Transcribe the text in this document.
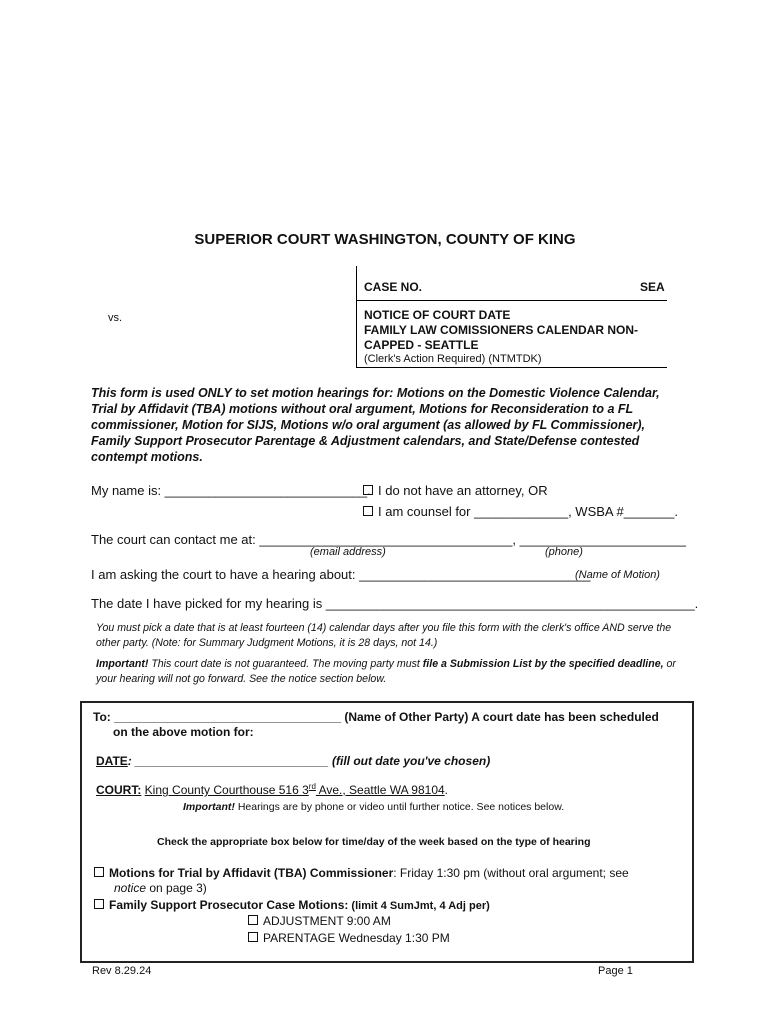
SUPERIOR COURT WASHINGTON, COUNTY OF KING
CASE NO.	SEA
vs.	NOTICE OF COURT DATE
FAMILY LAW COMISSIONERS CALENDAR NON-
CAPPED - SEATTLE
(Clerk's Action Required) (NTMTDK)
This form is used ONLY to set motion hearings for: Motions on the Domestic Violence Calendar, Trial by Affidavit (TBA) motions without oral argument, Motions for Reconsideration to a FL commissioner, Motion for SIJS, Motions w/o oral argument (as allowed by FL Commissioner), Family Support Prosecutor Parentage & Adjustment calendars, and State/Defense contested contempt motions.
My name is: ____________________________. I do not have an attorney, OR
I am counsel for _____________, WSBA #_______.
The court can contact me at: ___________________________________, _______________________
(email address)	(phone)
I am asking the court to have a hearing about: ________________________________
(Name of Motion)
The date I have picked for my hearing is ___________________________________________________.
You must pick a date that is at least fourteen (14) calendar days after you file this form with the clerk's office AND serve the other party. (Note: for Summary Judgment Motions, it is 28 days, not 14.)
Important! This court date is not guaranteed. The moving party must file a Submission List by the specified deadline, or your hearing will not go forward. See the notice section below.
To: __________________________________ (Name of Other Party) A court date has been scheduled
on the above motion for:
DATE: _____________________________ (fill out date you've chosen)
COURT: King County Courthouse 516 3rd Ave., Seattle WA 98104.
Important! Hearings are by phone or video until further notice. See notices below.
Check the appropriate box below for time/day of the week based on the type of hearing
Motions for Trial by Affidavit (TBA) Commissioner: Friday 1:30 pm (without oral argument; see
notice on page 3)
Family Support Prosecutor Case Motions: (limit 4 SumJmt, 4 Adj per)
ADJUSTMENT 9:00 AM
PARENTAGE Wednesday 1:30 PM
Rev 8.29.24	Page 1
